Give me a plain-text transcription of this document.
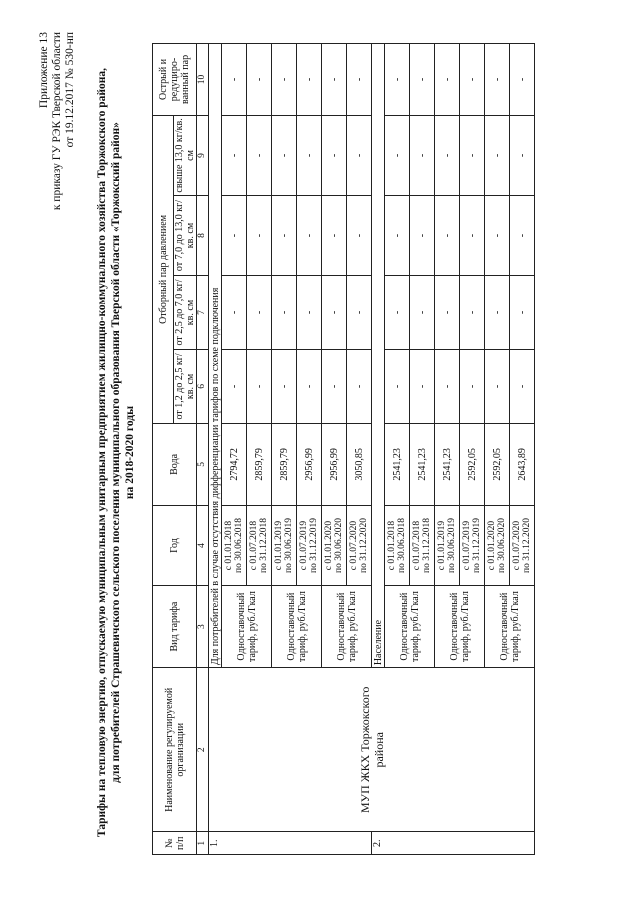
Приложение 13 к приказу ГУ РЭК Тверской области от 19.12.2017 № 530-нп Тарифы на тепловую энергию, отпускаемую муниципальным унитарным предприятием жилищно-коммунального хозяйства Торжокского района, для потребителей Страшевичского сельского поселения муниципального образования Тверской области «Торжокский район» на 2018-2020 годы
№ п/п	Наименование регулируемой организации	Вид тарифа	Год	Вода	Отборный пар давлением				Острый и редуциро- ванный пар
					от 1,2 до 2,5 кг/кв. см	от 2,5 до 7,0 кг/кв. см	от 7,0 до 13,0 кг/кв. см	свыше 13,0 кг/кв. см	
1	2	3	4	5	6	7	8	9	10
1.	МУП ЖКХ Торжокского района	Для потребителей в случае отсутствия дифференциации тарифов по схеме подключения							
		Одноставочный тариф, руб./Гкал	с 01.01.2018
по 30.06.2018	2794,72	-	-	-	-	-
			с 01.07.2018
по 31.12.2018	2859,79	-	-	-	-	-
		Одноставочный тариф, руб./Гкал	с 01.01.2019
по 30.06.2019	2859,79	-	-	-	-	-
			с 01.07.2019
по 31.12.2019	2956,99	-	-	-	-	-
		Одноставочный тариф, руб./Гкал	с 01.01.2020
по 30.06.2020	2956,99	-	-	-	-	-
			с 01.07.2020
по 31.12.2020	3050,85	-	-	-	-	-
2.		Население							
		Одноставочный тариф, руб./Гкал	с 01.01.2018
по 30.06.2018	2541,23	-	-	-	-	-
			с 01.07.2018
по 31.12.2018	2541,23	-	-	-	-	-
		Одноставочный тариф, руб./Гкал	с 01.01.2019
по 30.06.2019	2541,23	-	-	-	-	-
			с 01.07.2019
по 31.12.2019	2592,05	-	-	-	-	-
		Одноставочный тариф, руб./Гкал	с 01.01.2020
по 30.06.2020	2592,05	-	-	-	-	-
			с 01.07.2020
по 31.12.2020	2643,89	-	-	-	-	-
